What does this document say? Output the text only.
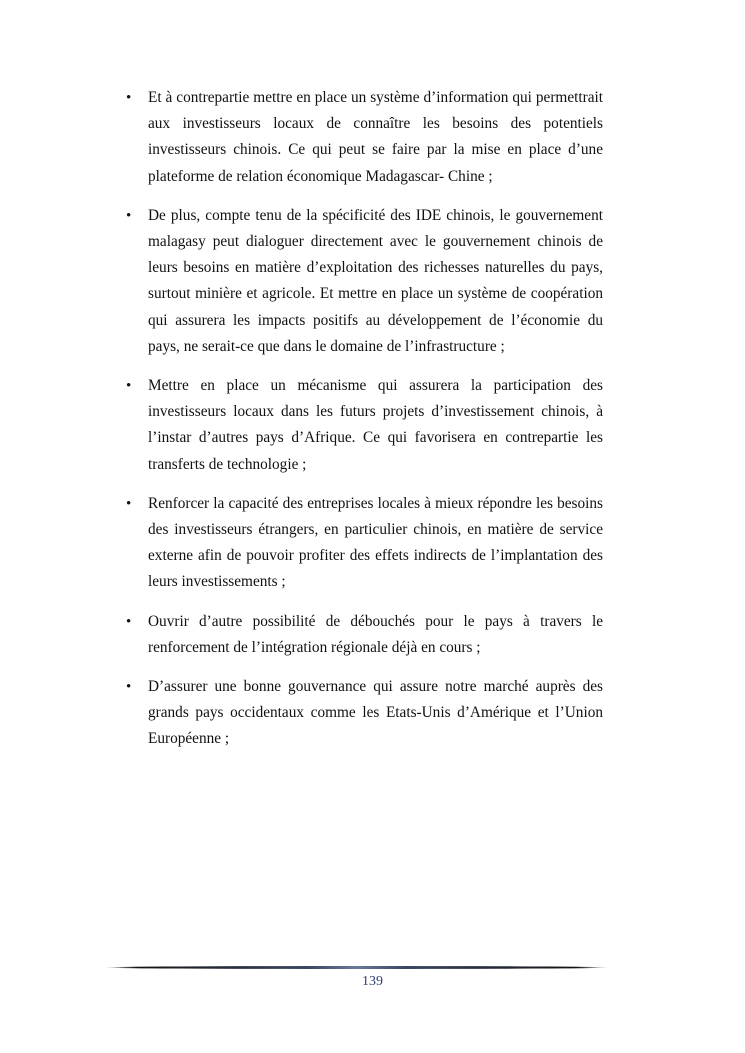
• Et à contrepartie mettre en place un système d’information qui permettrait aux investisseurs locaux de connaître les besoins des potentiels investisseurs chinois. Ce qui peut se faire par la mise en place d’une plateforme de relation économique Madagascar- Chine ;
• De plus, compte tenu de la spécificité des IDE chinois, le gouvernement malagasy peut dialoguer directement avec le gouvernement chinois de leurs besoins en matière d’exploitation des richesses naturelles du pays, surtout minière et agricole. Et mettre en place un système de coopération qui assurera les impacts positifs au développement de l’économie du pays, ne serait-ce que dans le domaine de l’infrastructure ;
• Mettre en place un mécanisme qui assurera la participation des investisseurs locaux dans les futurs projets d’investissement chinois, à l’instar d’autres pays d’Afrique. Ce qui favorisera en contrepartie les transferts de technologie ;
• Renforcer la capacité des entreprises locales à mieux répondre les besoins des investisseurs étrangers, en particulier chinois, en matière de service externe afin de pouvoir profiter des effets indirects de l’implantation des leurs investissements ;
• Ouvrir d’autre possibilité de débouchés pour le pays à travers le renforcement de l’intégration régionale déjà en cours ;
• D’assurer une bonne gouvernance qui assure notre marché auprès des grands pays occidentaux comme les Etats-Unis d’Amérique et l’Union Européenne ;
139
